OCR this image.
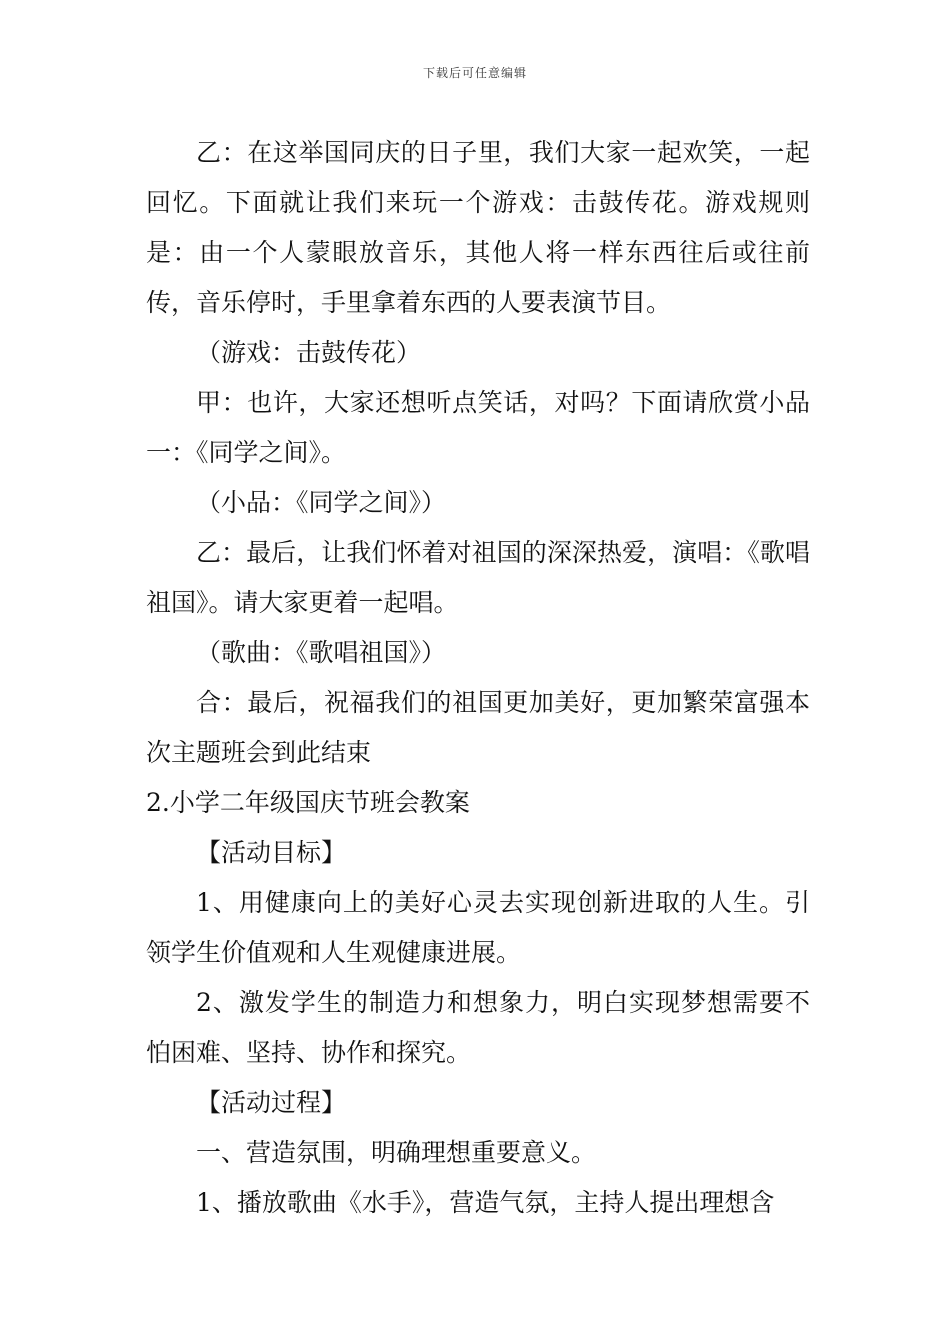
下载后可任意编辑

乙：在这举国同庆的日子里，我们大家一起欢笑，一起回忆。下面就让我们来玩一个游戏：击鼓传花。游戏规则是：由一个人蒙眼放音乐，其他人将一样东西往后或往前传，音乐停时，手里拿着东西的人要表演节目。

（游戏：击鼓传花）

甲：也许，大家还想听点笑话，对吗？下面请欣赏小品一：《同学之间》。

（小品：《同学之间》）

乙：最后，让我们怀着对祖国的深深热爱，演唱：《歌唱祖国》。请大家更着一起唱。

（歌曲：《歌唱祖国》）

合：最后，祝福我们的祖国更加美好，更加繁荣富强本次主题班会到此结束

2.小学二年级国庆节班会教案

【活动目标】

1、用健康向上的美好心灵去实现创新进取的人生。引领学生价值观和人生观健康进展。

2、激发学生的制造力和想象力，明白实现梦想需要不怕困难、坚持、协作和探究。

【活动过程】

一、营造氛围，明确理想重要意义。

1、播放歌曲《水手》，营造气氛，主持人提出理想含
